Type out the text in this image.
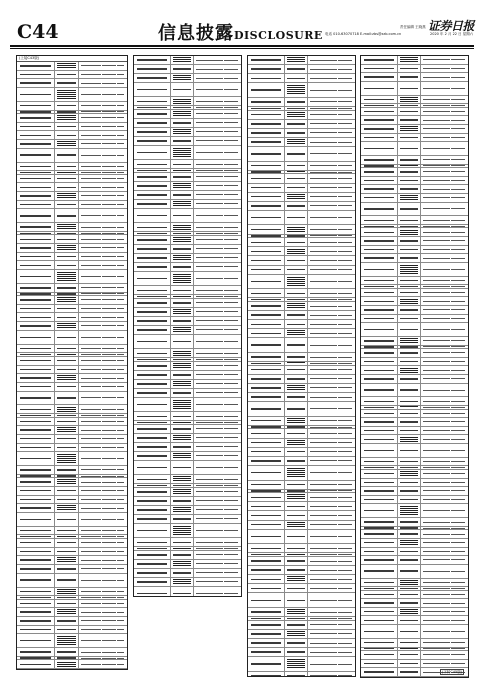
C44	信息披露DISCLOSURE
责任编辑 王晓燕
电话 010-63070718 E-mail:zbs@zzb.com.cn	2020 年 2 月 22 日 星期六
证券日报
(上接C43版)
(下转C45版)
